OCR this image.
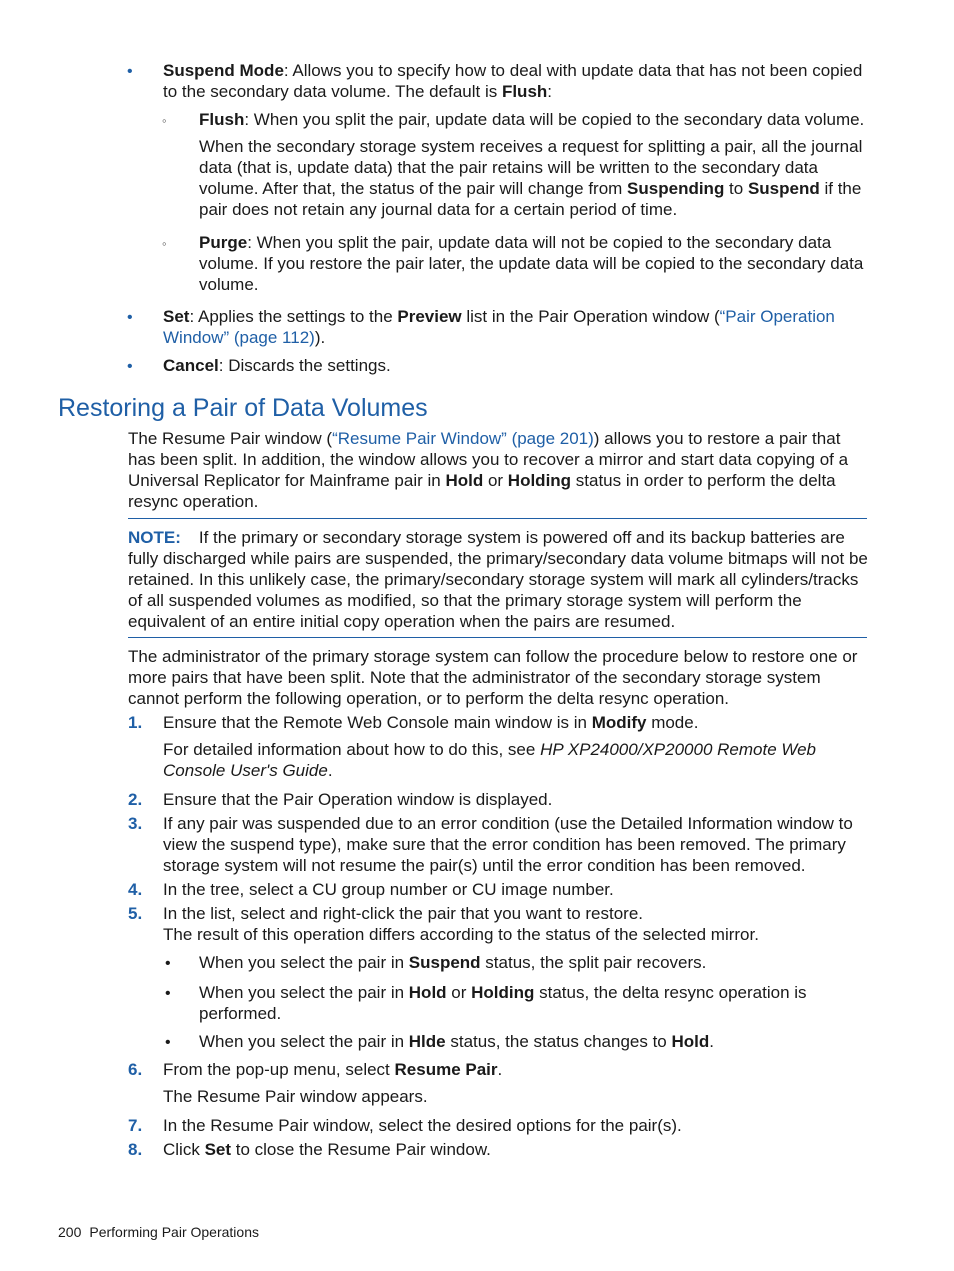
• Suspend Mode: Allows you to specify how to deal with update data that has not been copied to the secondary data volume. The default is Flush:

◦ Flush: When you split the pair, update data will be copied to the secondary data volume.

When the secondary storage system receives a request for splitting a pair, all the journal data (that is, update data) that the pair retains will be written to the secondary data volume. After that, the status of the pair will change from Suspending to Suspend if the pair does not retain any journal data for a certain period of time.

◦ Purge: When you split the pair, update data will not be copied to the secondary data volume. If you restore the pair later, the update data will be copied to the secondary data volume.

• Set: Applies the settings to the Preview list in the Pair Operation window (“Pair Operation Window” (page 112)).

• Cancel: Discards the settings.

Restoring a Pair of Data Volumes

The Resume Pair window (“Resume Pair Window” (page 201)) allows you to restore a pair that has been split. In addition, the window allows you to recover a mirror and start data copying of a Universal Replicator for Mainframe pair in Hold or Holding status in order to perform the delta resync operation.

NOTE: If the primary or secondary storage system is powered off and its backup batteries are fully discharged while pairs are suspended, the primary/secondary data volume bitmaps will not be retained. In this unlikely case, the primary/secondary storage system will mark all cylinders/tracks of all suspended volumes as modified, so that the primary storage system will perform the equivalent of an entire initial copy operation when the pairs are resumed.

The administrator of the primary storage system can follow the procedure below to restore one or more pairs that have been split. Note that the administrator of the secondary storage system cannot perform the following operation, or to perform the delta resync operation.

1. Ensure that the Remote Web Console main window is in Modify mode.

For detailed information about how to do this, see HP XP24000/XP20000 Remote Web Console User's Guide.

2. Ensure that the Pair Operation window is displayed.

3. If any pair was suspended due to an error condition (use the Detailed Information window to view the suspend type), make sure that the error condition has been removed. The primary storage system will not resume the pair(s) until the error condition has been removed.

4. In the tree, select a CU group number or CU image number.

5. In the list, select and right-click the pair that you want to restore.

The result of this operation differs according to the status of the selected mirror.

• When you select the pair in Suspend status, the split pair recovers.

• When you select the pair in Hold or Holding status, the delta resync operation is performed.

• When you select the pair in Hlde status, the status changes to Hold.

6. From the pop-up menu, select Resume Pair.

The Resume Pair window appears.

7. In the Resume Pair window, select the desired options for the pair(s).

8. Click Set to close the Resume Pair window.

200 Performing Pair Operations
